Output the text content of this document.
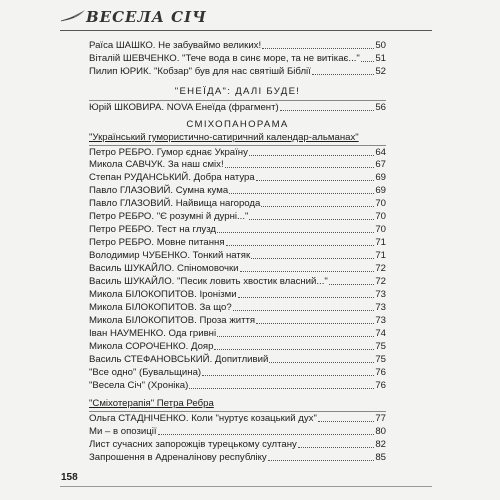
ВЕСЕЛА СІЧ
Раїса ШАШКО. Не забуваймо великих!	50
Віталій ШЕВЧЕНКО. "Тече вода в синє море, та не витікає..." 51
Пилип ЮРИК. "Кобзар" був для нас святішй Біблії	52
"ЕНЕЇДА": ДАЛІ БУДЕ!
Юрій ШКОВИРА. NOVA Енеїда (фрагмент)	56
СМІХОПАНОРАМА
"Український гумористично-сатиричний календар-альманах"
Петро РЕБРО. Гумор єднає Україну	64
Микола САВЧУК. За наш сміх!	67
Степан РУДАНСЬКИЙ. Добра натура	69
Павло ГЛАЗОВИЙ. Сумна кума	69
Павло ГЛАЗОВИЙ. Найвища нагорода	70
Петро РЕБРО. "Є розумні й дурні..."	70
Петро РЕБРО. Тест на глузд	70
Петро РЕБРО. Мовне питання	71
Володимир ЧУБЕНКО. Тонкий натяк	71
Василь ШУКАЙЛО. Спіномовочки	72
Василь ШУКАЙЛО. "Песик ловить хвостик власний..."	72
Микола БІЛОКОПИТОВ. Іронізми	73
Микола БІЛОКОПИТОВ. За що?	73
Микола БІЛОКОПИТОВ. Проза життя	73
Іван НАУМЕНКО. Ода гривні	74
Микола СОРОЧЕНКО. Дояр	75
Василь СТЕФАНОВСЬКИЙ. Допитливий	75
"Все одно" (Бувальщина)	76
"Весела Січ" (Хроніка)	76
158
"Сміхотерапія" Петра Ребра
Ольга СТАДНІЧЕНКО. Коли "нуртує козацький дух"	77
Ми – в опозиції	80
Лист сучасних запорожців турецькому султану	82
Запрошення в Адреналінову республіку	85
